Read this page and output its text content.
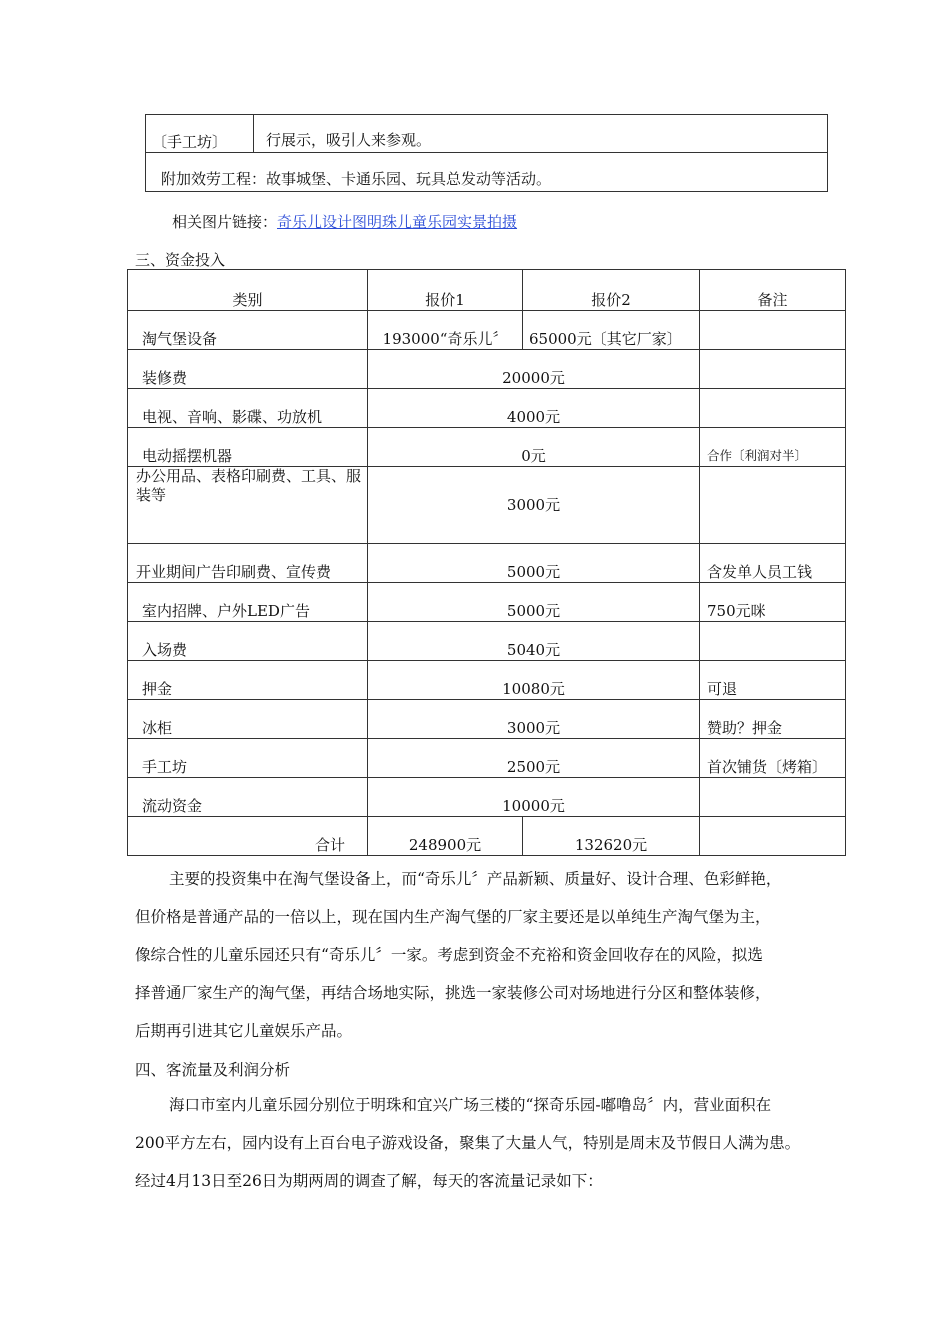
〔手工坊〕	行展示，吸引人来参观。
附加效劳工程：故事城堡、卡通乐园、玩具总发动等活动。
相关图片链接：奇乐儿设计图明珠儿童乐园实景拍摄
三、资金投入
类别	报价1	报价2	备注
淘气堡设备	193000“奇乐儿〞	65000元〔其它厂家〕	
装修费	20000元		
电视、音响、影碟、功放机	4000元		
电动摇摆机器	0元		合作〔利润对半〕
办公用品、表格印刷费、工具、服装等	3000元		
开业期间广告印刷费、宣传费	5000元		含发单人员工钱
室内招牌、户外LED广告	5000元		750元咪
入场费	5040元		
押金	10080元		可退
冰柜	3000元		赞助？押金
手工坊	2500元		首次铺货〔烤箱〕
流动资金	10000元		
合计	248900元	132620元	

主要的投资集中在淘气堡设备上，而“奇乐儿〞产品新颖、质量好、设计合理、色彩鲜艳，

但价格是普通产品的一倍以上，现在国内生产淘气堡的厂家主要还是以单纯生产淘气堡为主，

像综合性的儿童乐园还只有“奇乐儿〞一家。考虑到资金不充裕和资金回收存在的风险，拟选

择普通厂家生产的淘气堡，再结合场地实际，挑选一家装修公司对场地进行分区和整体装修，

后期再引进其它儿童娱乐产品。

四、客流量及利润分析

海口市室内儿童乐园分别位于明珠和宜兴广场三楼的“探奇乐园-嘟噜岛〞内，营业面积在

200平方左右，园内设有上百台电子游戏设备，聚集了大量人气，特别是周末及节假日人满为患。

经过4月13日至26日为期两周的调查了解，每天的客流量记录如下：
